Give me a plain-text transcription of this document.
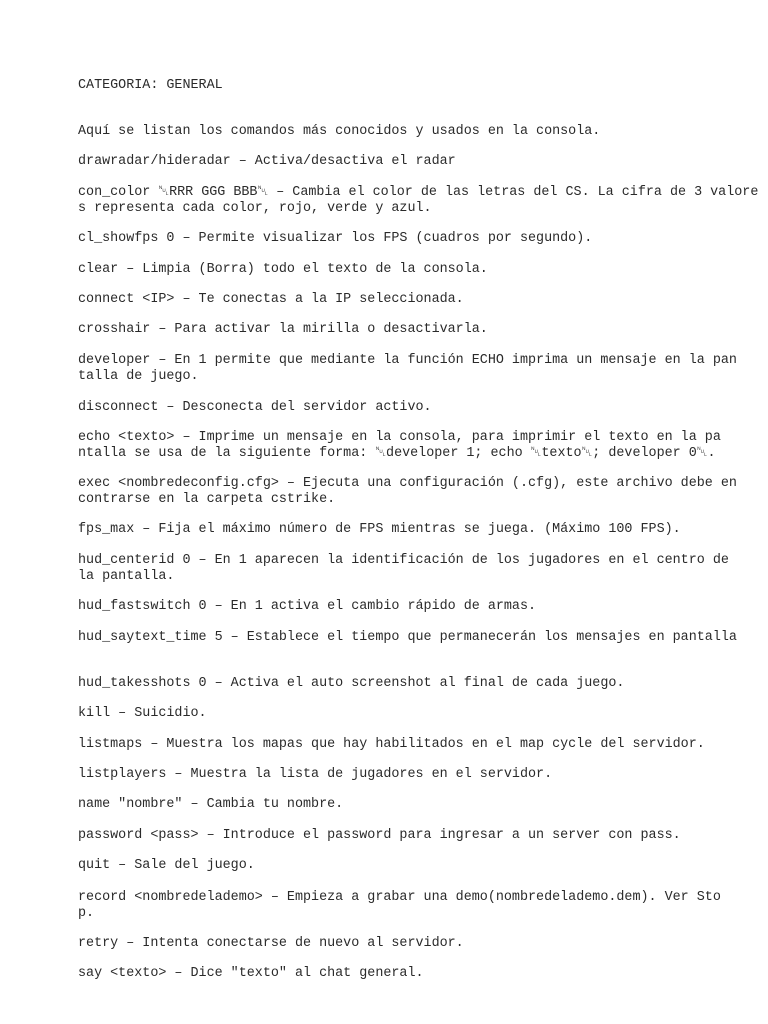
CATEGORIA: GENERAL
Aquí se listan los comandos más conocidos y usados en la consola.
drawradar/hideradar – Activa/desactiva el radar
con_color ␀RRR GGG BBB␀ – Cambia el color de las letras del CS. La cifra de 3 valore
s representa cada color, rojo, verde y azul.
cl_showfps 0 – Permite visualizar los FPS (cuadros por segundo).
clear – Limpia (Borra) todo el texto de la consola.
connect <IP> – Te conectas a la IP seleccionada.
crosshair – Para activar la mirilla o desactivarla.
developer – En 1 permite que mediante la función ECHO imprima un mensaje en la pan
talla de juego.
disconnect – Desconecta del servidor activo.
echo <texto> – Imprime un mensaje en la consola, para imprimir el texto en la pa
ntalla se usa de la siguiente forma: ␀developer 1; echo ␀texto␀; developer 0␀.
exec <nombredeconfig.cfg> – Ejecuta una configuración (.cfg), este archivo debe en
contrarse en la carpeta cstrike.
fps_max – Fija el máximo número de FPS mientras se juega. (Máximo 100 FPS).
hud_centerid 0 – En 1 aparecen la identificación de los jugadores en el centro de
la pantalla.
hud_fastswitch 0 – En 1 activa el cambio rápido de armas.
hud_saytext_time 5 – Establece el tiempo que permanecerán los mensajes en pantalla
hud_takesshots 0 – Activa el auto screenshot al final de cada juego.
kill – Suicidio.
listmaps – Muestra los mapas que hay habilitados en el map cycle del servidor.
listplayers – Muestra la lista de jugadores en el servidor.
name "nombre" – Cambia tu nombre.
password <pass> – Introduce el password para ingresar a un server con pass.
quit – Sale del juego.
record <nombredelademo> – Empieza a grabar una demo(nombredelademo.dem). Ver Sto
p.
retry – Intenta conectarse de nuevo al servidor.
say <texto> – Dice "texto" al chat general.
